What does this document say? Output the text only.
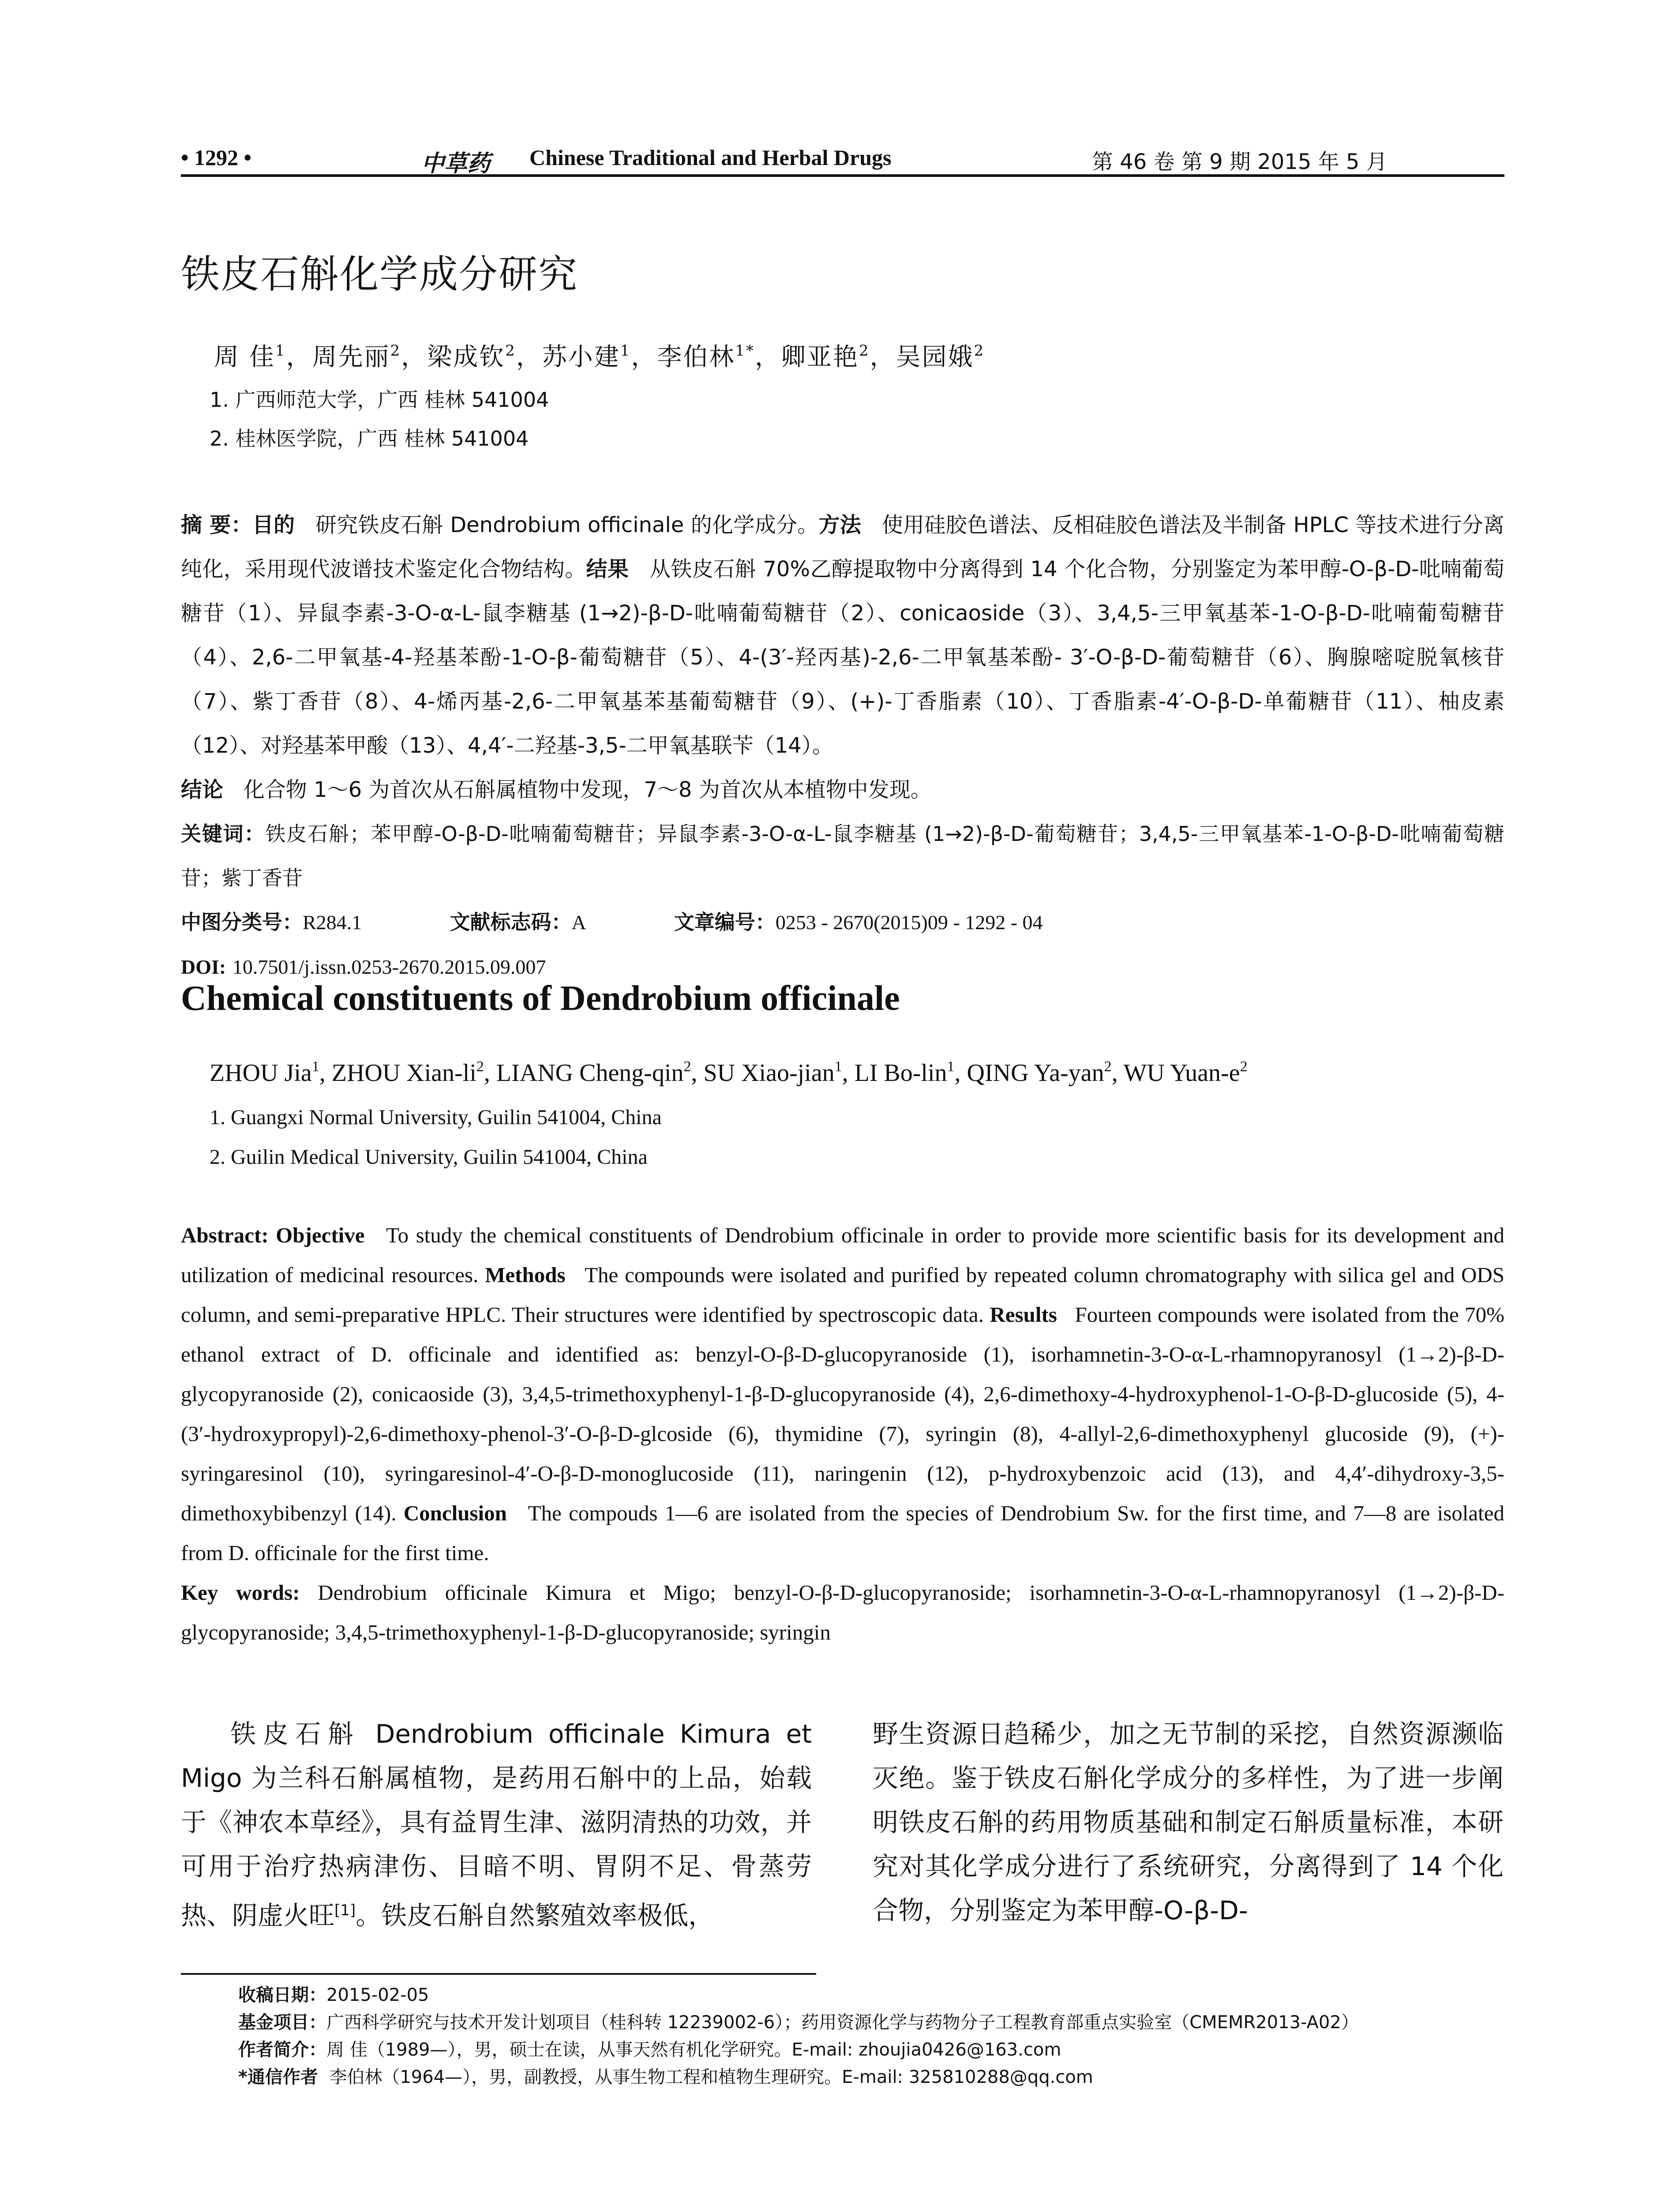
• 1292 •	中草药 Chinese Traditional and Herbal Drugs	第 46 卷 第 9 期 2015 年 5 月
铁皮石斛化学成分研究
周 佳$^1$，周先丽$^2$，梁成钦$^2$，苏小建$^1$，李伯林$^{1*}$，卿亚艳$^2$，吴园娥$^2$
1. 广西师范大学，广西 桂林 541004
2. 桂林医学院，广西 桂林 541004

摘 要：目的 研究铁皮石斛 Dendrobium officinale 的化学成分。方法 使用硅胶色谱法、反相硅胶色谱法及半制备 HPLC 等技术进行分离纯化，采用现代波谱技术鉴定化合物结构。结果 从铁皮石斛 70%乙醇提取物中分离得到 14 个化合物，分别鉴定为苯甲醇-O-β-D-吡喃葡萄糖苷（1）、异鼠李素-3-O-α-L-鼠李糖基 (1→2)-β-D-吡喃葡萄糖苷（2）、conicaoside（3）、3,4,5-三甲氧基苯-1-O-β-D-吡喃葡萄糖苷（4）、2,6-二甲氧基-4-羟基苯酚-1-O-β-葡萄糖苷（5）、4-(3′-羟丙基)-2,6-二甲氧基苯酚- 3′-O-β-D-葡萄糖苷（6）、胸腺嘧啶脱氧核苷（7）、紫丁香苷（8）、4-烯丙基-2,6-二甲氧基苯基葡萄糖苷（9）、(+)-丁香脂素（10）、丁香脂素-4′-O-β-D-单葡糖苷（11）、柚皮素（12）、对羟基苯甲酸（13）、4,4′-二羟基-3,5-二甲氧基联苄（14）。

结论 化合物 1～6 为首次从石斛属植物中发现，7～8 为首次从本植物中发现。

关键词：铁皮石斛；苯甲醇-O-β-D-吡喃葡萄糖苷；异鼠李素-3-O-α-L-鼠李糖基 (1→2)-β-D-葡萄糖苷；3,4,5-三甲氧基苯-1-O-β-D-吡喃葡萄糖苷；紫丁香苷

中图分类号：R284.1	文献标志码：A	文章编号：0253 - 2670(2015)09 - 1292 - 04

DOI: 10.7501/j.issn.0253-2670.2015.09.007

Chemical constituents of Dendrobium officinale
ZHOU Jia$^1$, ZHOU Xian-$li^2$, LIANG Cheng-qin$^2$, SU Xiao-jian$^1$, LI Bo-lin$^1$, QING Ya-yan$^2$, WU Yuan-$e^2$
1. Guangxi Normal University, Guilin 541004, China
2. Guilin Medical University, Guilin 541004, China

Abstract: Objective To study the chemical constituents of Dendrobium officinale in order to provide more scientific basis for its development and utilization of medicinal resources. Methods The compounds were isolated and purified by repeated column chromatography with silica gel and ODS column, and semi-preparative HPLC. Their structures were identified by spectroscopic data. Results Fourteen compounds were isolated from the 70% ethanol extract of D. officinale and identified as: benzyl-O-β-D-glucopyranoside (1), isorhamnetin-3-O-α-L-rhamnopyranosyl (1→2)-β-D-glycopyranoside (2), conicaoside (3), 3,4,5-trimethoxyphenyl-1-β-D-glucopyranoside (4), 2,6-dimethoxy-4-hydroxyphenol-1-O-β-D-glucoside (5), 4-(3′-hydroxypropyl)-2,6-dimethoxy-phenol-3′-O-β-D-glcoside (6), thymidine (7), syringin (8), 4-allyl-2,6-dimethoxyphenyl glucoside (9), (+)-syringaresinol (10), syringaresinol-4′-O-β-D-monoglucoside (11), naringenin (12), p-hydroxybenzoic acid (13), and 4,4′-dihydroxy-3,5-dimethoxybibenzyl (14). Conclusion The compouds 1—6 are isolated from the species of Dendrobium Sw. for the first time, and 7—8 are isolated from D. officinale for the first time.

Key words: Dendrobium officinale Kimura et Migo; benzyl-O-β-D-glucopyranoside; isorhamnetin-3-O-α-L-rhamnopyranosyl (1→2)-β-D-glycopyranoside; 3,4,5-trimethoxyphenyl-1-β-D-glucopyranoside; syringin

铁皮石斛 Dendrobium officinale Kimura et Migo 为兰科石斛属植物，是药用石斛中的上品，始载于《神农本草经》，具有益胃生津、滋阴清热的功效，并可用于治疗热病津伤、目暗不明、胃阴不足、骨蒸劳热、阴虚火旺[1]。铁皮石斛自然繁殖效率极低，

野生资源日趋稀少，加之无节制的采挖，自然资源濒临灭绝。鉴于铁皮石斛化学成分的多样性，为了进一步阐明铁皮石斛的药用物质基础和制定石斛质量标准，本研究对其化学成分进行了系统研究，分离得到了 14 个化合物，分别鉴定为苯甲醇-O-β-D-

收稿日期：2015-02-05
基金项目：广西科学研究与技术开发计划项目（桂科转 12239002-6）；药用资源化学与药物分子工程教育部重点实验室（CMEMR2013-A02）
作者简介：周 佳（1989—），男，硕士在读，从事天然有机化学研究。E-mail: zhoujia0426@163.com
*通信作者 李伯林（1964—），男，副教授，从事生物工程和植物生理研究。E-mail: 325810288@qq.com
